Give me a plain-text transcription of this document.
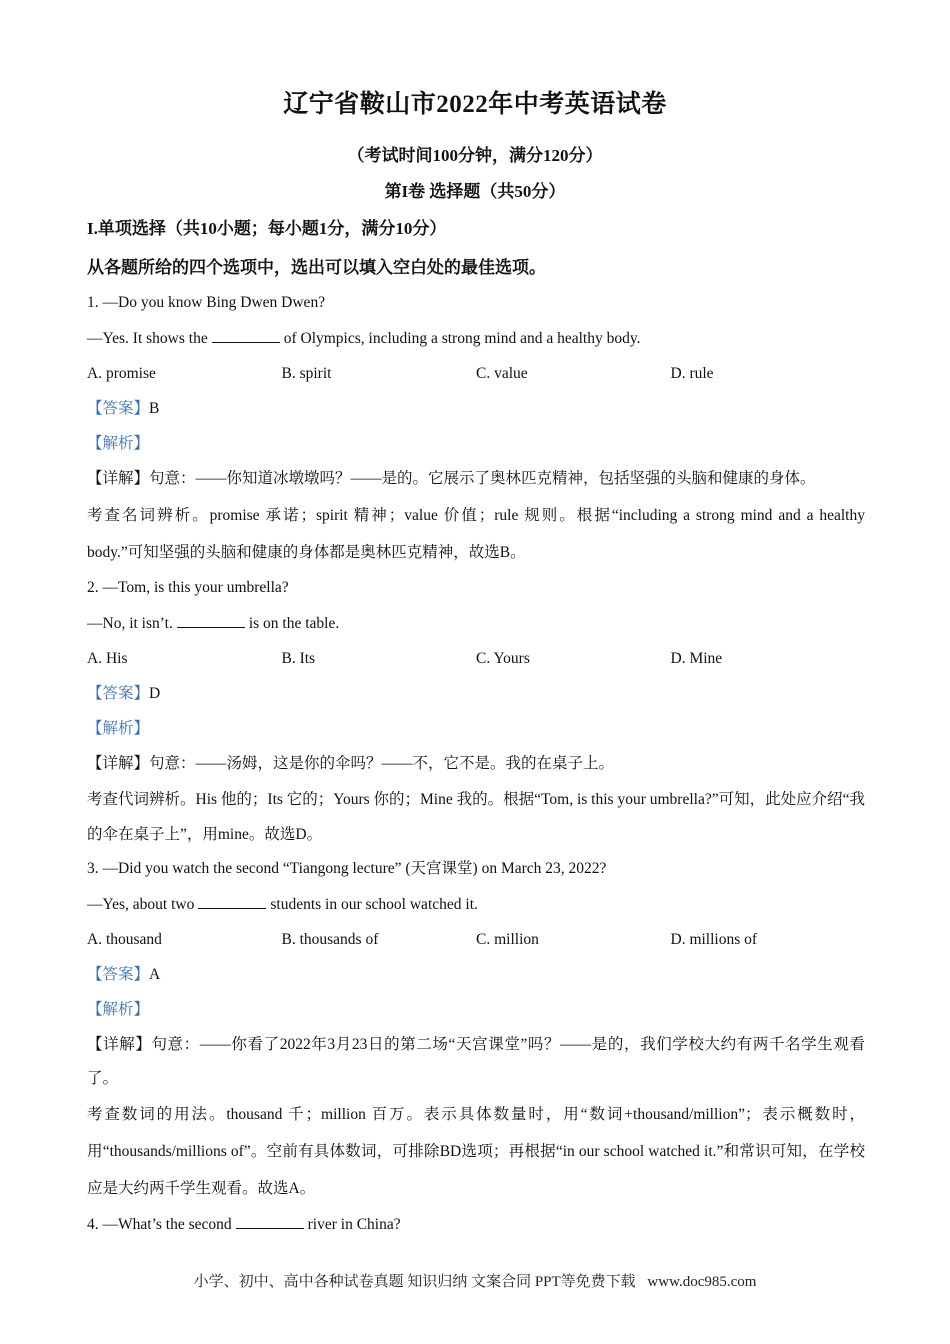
辽宁省鞍山市2022年中考英语试卷
（考试时间100分钟，满分120分）
第I卷 选择题（共50分）
I.单项选择（共10小题；每小题1分，满分10分）
从各题所给的四个选项中，选出可以填入空白处的最佳选项。

1. —Do you know Bing Dwen Dwen?

—Yes. It shows the	of Olympics, including a strong mind and a healthy body.

A. promise	B. spirit	C. value	D. rule

【答案】B

【解析】

【详解】句意：——你知道冰墩墩吗？——是的。它展示了奥林匹克精神，包括坚强的头脑和健康的身体。

考查名词辨析。promise 承诺；spirit 精神；value 价值；rule 规则。根据“including a strong mind and a healthy body.”可知坚强的头脑和健康的身体都是奥林匹克精神，故选B。

2. —Tom, is this your umbrella?

—No, it isn’t.	is on the table.

A. His	B. Its	C. Yours	D. Mine

【答案】D

【解析】

【详解】句意：——汤姆，这是你的伞吗？——不，它不是。我的在桌子上。

考查代词辨析。His 他的；Its 它的；Yours 你的；Mine 我的。根据“Tom, is this your umbrella?”可知，此处应介绍“我的伞在桌子上”，用mine。故选D。

3. —Did you watch the second “Tiangong lecture” (天宫课堂) on March 23, 2022?

—Yes, about two	students in our school watched it.

A. thousand	B. thousands of	C. million	D. millions of

【答案】A

【解析】

【详解】句意：——你看了2022年3月23日的第二场“天宫课堂”吗？——是的，我们学校大约有两千名学生观看了。

考查数词的用法。thousand 千；million 百万。表示具体数量时，用“数词+thousand/million”；表示概数时，用“thousands/millions of”。空前有具体数词，可排除BD选项；再根据“in our school watched it.”和常识可知，在学校应是大约两千学生观看。故选A。

4. —What’s the second	river in China?

小学、初中、高中各种试卷真题 知识归纳 文案合同 PPT等免费下载 www.doc985.com
